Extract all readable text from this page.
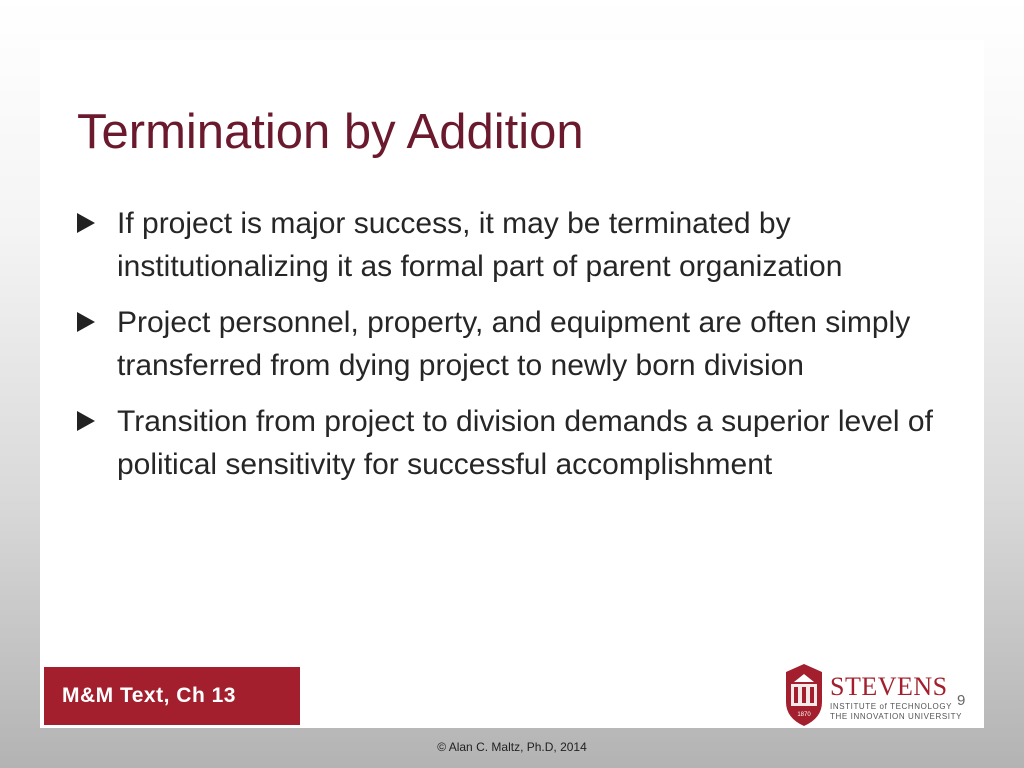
Termination by Addition
If project is major success, it may be terminated by institutionalizing it as formal part of parent organization
Project personnel, property, and equipment are often simply transferred from dying project to newly born division
Transition from project to division demands a superior level of political sensitivity for successful accomplishment
M&M Text, Ch 13
1870
STEVENS
INSTITUTE of TECHNOLOGY
THE INNOVATION UNIVERSITY
9
© Alan C. Maltz, Ph.D, 2014
